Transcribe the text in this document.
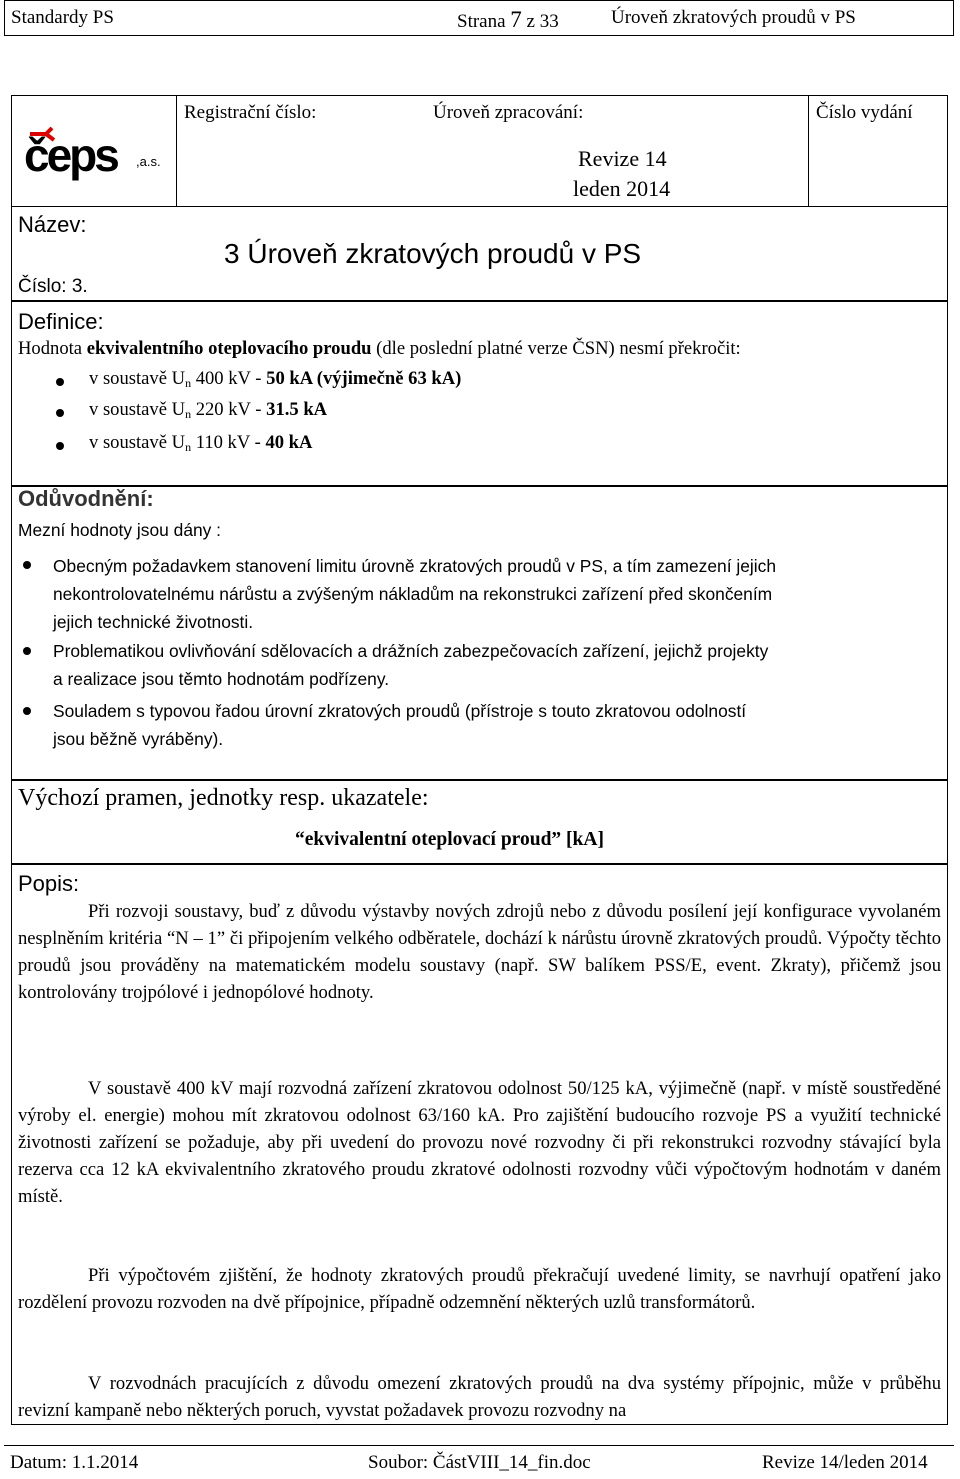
Standardy PS	Strana 7 z 33	Úroveň zkratových proudů v PS
čeps ,a.s.
Registrační číslo:	Úroveň zpracování:
Revize 14
leden 2014
Číslo vydání
Název:
3 Úroveň zkratových proudů v PS
Číslo: 3.
Definice:
Hodnota ekvivalentního oteplovacího proudu (dle poslední platné verze ČSN) nesmí překročit:
v soustavě $U_n$ 400 kV - 50 kA (výjimečně 63 kA)
v soustavě $U_n$ 220 kV - 31.5 kA
v soustavě $U_n$ 110 kV - 40 kA
Odůvodnění:
Mezní hodnoty jsou dány :
Obecným požadavkem stanovení limitu úrovně zkratových proudů v PS, a tím zamezení jejich
nekontrolovatelnému nárůstu a zvýšeným nákladům na rekonstrukci zařízení před skončením
jejich technické životnosti.
Problematikou ovlivňování sdělovacích a drážních zabezpečovacích zařízení, jejichž projekty
a realizace jsou těmto hodnotám podřízeny.
Souladem s typovou řadou úrovní zkratových proudů (přístroje s touto zkratovou odolností
jsou běžně vyráběny).
Výchozí pramen, jednotky resp. ukazatele:
“ekvivalentní oteplovací proud” [kA]
Popis:
Při rozvoji soustavy, buď z důvodu výstavby nových zdrojů nebo z důvodu posílení její konfigurace vyvolaném nesplněním kritéria “N – 1” či připojením velkého odběratele, dochází k nárůstu úrovně zkratových proudů. Výpočty těchto proudů jsou prováděny na matematickém modelu soustavy (např. SW balíkem PSS/E, event. Zkraty), přičemž jsou kontrolovány trojpólové i jednopólové hodnoty.
V soustavě 400 kV mají rozvodná zařízení zkratovou odolnost 50/125 kA, výjimečně (např. v místě soustředěné výroby el. energie) mohou mít zkratovou odolnost 63/160 kA. Pro zajištění budoucího rozvoje PS a využití technické životnosti zařízení se požaduje, aby při uvedení do provozu nové rozvodny či při rekonstrukci rozvodny stávající byla rezerva cca 12 kA ekvivalentního zkratového proudu zkratové odolnosti rozvodny vůči výpočtovým hodnotám v daném místě.
Při výpočtovém zjištění, že hodnoty zkratových proudů překračují uvedené limity, se navrhují opatření jako rozdělení provozu rozvoden na dvě přípojnice, případně odzemnění některých uzlů transformátorů.
V rozvodnách pracujících z důvodu omezení zkratových proudů na dva systémy přípojnic, může v průběhu revizní kampaně nebo některých poruch, vyvstat požadavek provozu rozvodny na
Datum: 1.1.2014	Soubor: ČástVIII_14_fin.doc	Revize 14/leden 2014
